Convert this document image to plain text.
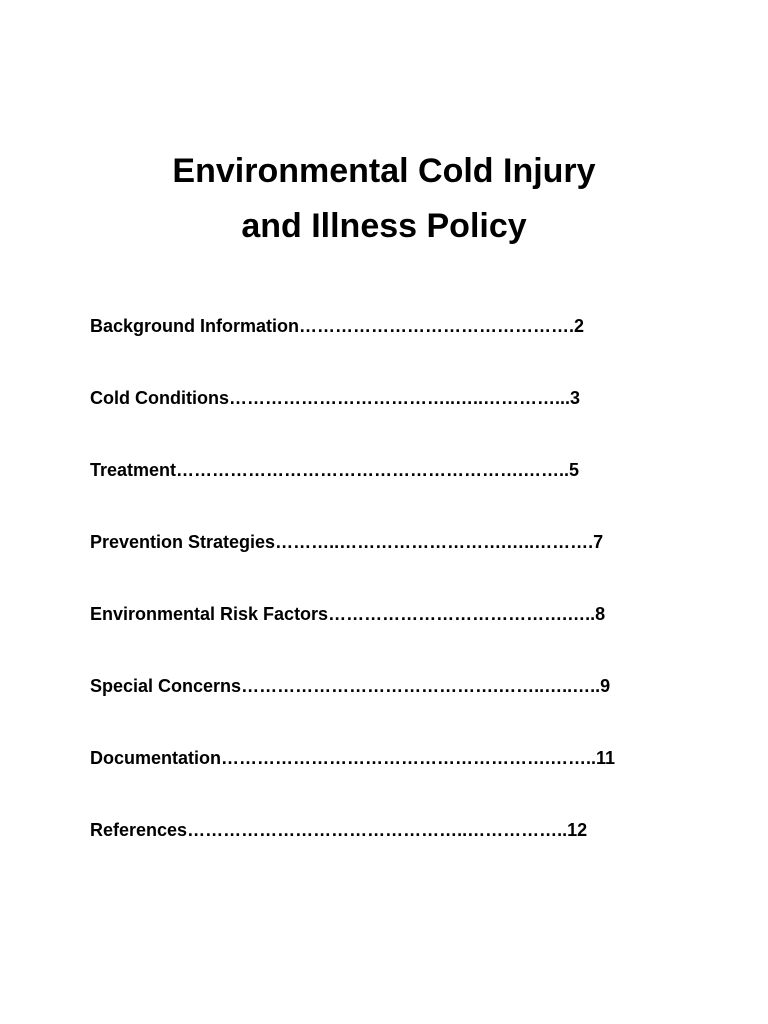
Environmental Cold Injury
and Illness Policy
Background Information……………………………………….2
Cold Conditions………………………………..…..…………...3
Treatment………………………………………………….……..5
Prevention Strategies………..……………………….…..……….7
Environmental Risk Factors………………………………….…..8
Special Concerns…………………………………….……..…..…..9
Documentation……………………………………………….……..11
References………………………………………..……………..12
